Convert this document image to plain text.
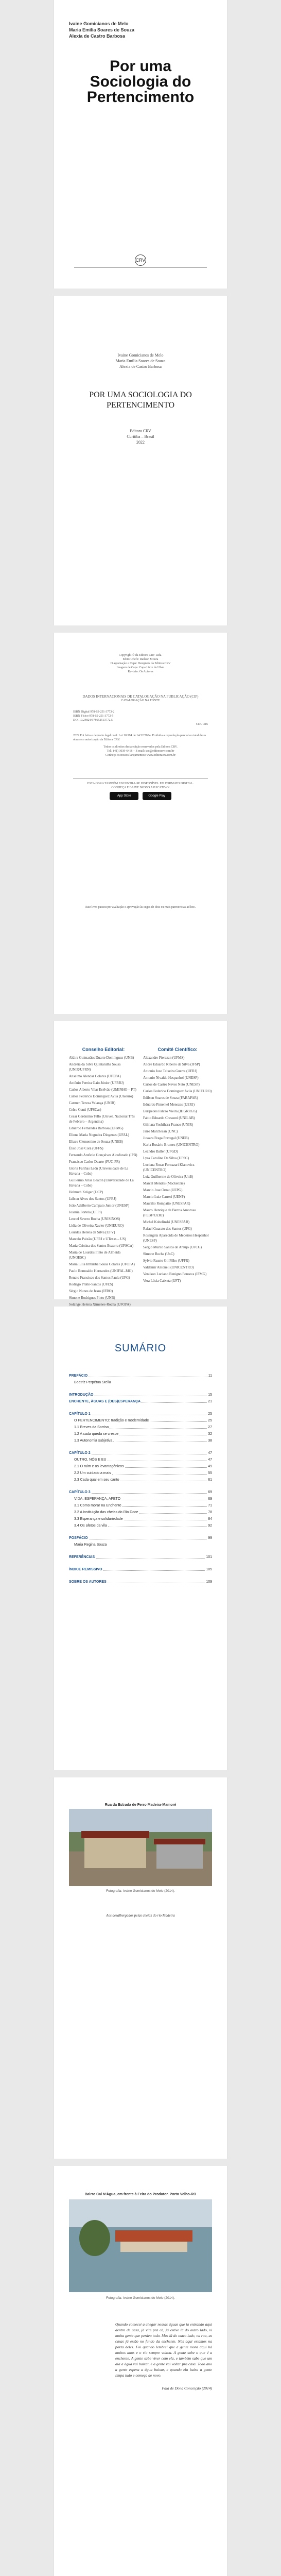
Ivaine Gomicianos de Melo
Maria Emilia Soares de Souza
Alexia de Castro Barbosa
Por uma Sociologia do Pertencimento
CRV
Ivaine Gomicianos de Melo
Maria Emilia Soares de Souza
Alexia de Castro Barbosa
POR UMA SOCIOLOGIA DO PERTENCIMENTO
Editora CRV
Curitiba – Brasil
2022
Copyright © da Editora CRV Ltda.
Editor-chefe: Railson Moura
Diagramação e Capa: Designers da Editora CRV
Imagem de Capa: Capa Livre da Ufsm
Revisão: Os Autores
DADOS INTERNACIONAIS DE CATALOGAÇÃO NA PUBLICAÇÃO (CIP)
CATALOGAÇÃO NA FONTE
ISBN Digital 978-65-251-3773-2
ISBN Físico 978-65-251-3772-5
DOI 10.24824/978652513772.5
CDU 316
2022 Foi feito o depósito legal conf. Lei 10.994 de 14/12/2004. Proibida a reprodução parcial ou total desta obra sem autorização da Editora CRV.
Todos os direitos desta edição reservados pela Editora CRV.
Tel.: (41) 3039-6418 – E-mail: sac@editoracrv.com.br
Conheça os nossos lançamentos: www.editoracrv.com.br
ESTA OBRA TAMBÉM ENCONTRA-SE DISPONÍVEL EM FORMATO DIGITAL.
CONHEÇA E BAIXE NOSSO APLICATIVO!
App Store	Google Play
Este livro passou por avaliação e aprovação às cegas de dois ou mais pareceristas ad hoc.
Conselho Editorial:

Aldira Guimarães Duarte Domínguez (UNB)

Andréia da Silva Quintanilha Sousa (UNIR/UFRN)

Anselmo Alencar Colares (UFOPA)

Antônio Pereira Gaio Júnior (UFRRJ)

Carlos Alberto Vilar Estêvão (UMINHO – PT)

Carlos Federico Dominguez Avila (Unieuro)

Carmen Tereza Velanga (UNIR)

Celso Conti (UFSCar)

Cesar Gerónimo Tello (Univer. Nacional Três de Febrero – Argentina)

Eduardo Fernandes Barbosa (UFMG)

Elione Maria Nogueira Diogenes (UFAL)

Elizeu Clementino de Souza (UNEB)

Élsio José Corá (UFFS)

Fernando Antônio Gonçalves Alcoforado (IPB)

Francisco Carlos Duarte (PUC-PR)

Gloria Fariñas León (Universidade de La Havana – Cuba)

Guillermo Arias Beatón (Universidade de La Havana – Cuba)

Helmuth Krüger (UCP)

Jailson Alves dos Santos (UFRJ)

João Adalberto Campato Junior (UNESP)

Josania Portela (UFPI)

Leonel Severo Rocha (UNISINOS)

Lídia de Oliveira Xavier (UNIEURO)

Lourdes Helena da Silva (UFV)

Marcelo Paixão (UFRJ e UTexas – US)

Maria Cristina dos Santos Bezerra (UFSCar)

Maria de Lourdes Pinto de Almeida (UNOESC)

Maria Lília Imbiriba Sousa Colares (UFOPA)

Paulo Romualdo Hernandes (UNIFAL-MG)

Renato Francisco dos Santos Paula (UFG)

Rodrigo Pratte-Santos (UFES)

Sérgio Nunes de Jesus (IFRO)

Simone Rodrigues Pinto (UNB)

Solange Helena Ximenes-Rocha (UFOPA)

Comitê Científico:

Alexandre Pierezan (UFMS)

Andre Eduardo Ribeiro da Silva (IFSP)

Antonio Jose Teixeira Guerra (UFRJ)

Antonio Nivaldo Hespanhol (UNESP)

Carlos de Castro Neves Neto (UNESP)

Carlos Federico Dominguez Avila (UNIEURO)

Edilson Soares de Souza (FABAPAR)

Eduardo Pimentel Menezes (UERJ)

Euripedes Falcao Vieira (IHGRRGS)

Fabio Eduardo Cressoni (UNILAB)

Gilmara Yoshihara Franco (UNIR)

Jairo Marchesan (UNC)

Jussara Fraga Portugal (UNEB)

Karla Rosário Brumes (UNICENTRO)

Leandro Baller (UFGD)

Lysa Caroline Da Silva (UFSC)

Luciana Rosar Fornazari Klanovicz (UNICENTRO)

Luiz Guilherme de Oliveira (UnB)

Marcel Mendes (Mackenzie)

Marcio Jose Ornat (UEPG)

Marcio Luiz Carreri (UENP)

Maurilio Rompatto (UNESPAR)

Mauro Henrique de Barros Amoroso (FEBF/UERJ)

Michel Kobelinski (UNESPAR)

Rafael Guarato dos Santos (UFG)

Rosangela Aparecida de Medeiros Hespanhol (UNESP)

Sergio Murilo Santos de Araújo (UFCG)

Simone Rocha (UnC)

Sylvio Fausto Gil Filho (UFPR)

Valdemir Antoneli (UNICENTRO)

Venilson Luciano Benigno Fonseca (IFMG)

Vera Lúcia Caixeta (UFT)

SUMÁRIO
PREFÁCIO	11
Beatriz Perpétua Stella
INTRODUÇÃO	15
ENCHENTE, ÁGUAS E (DES)ESPERANÇA	21
CAPÍTULO 1	25
O PERTENCIMENTO: tradição e modernidade	25
1.1 Breves da Sorriso	27
1.2 A cada queda se cresce	32
1.3 Autonomia subjetiva	38
CAPÍTULO 2	47
OUTRO, NÓS E EU	47
2.1 O ruim e os levantagênicos	49
2.2 Um cuidado a mais	55
2.3 Cada qual em seu canto	61
CAPÍTULO 3	69
VIDA, ESPERANÇA, AFETO	69
3.1 Como morar na Enchente	71
3.2 A instituição das cheias do Rio Doce	78
3.3 Esperança e solidariedade	84
3.4 Os afetos da vila	92
POSFÁCIO	99
Maria Regina Souza
REFERÊNCIAS	101
ÍNDICE REMISSIVO	105
SOBRE OS AUTORES	109
Rua da Estrada de Ferro Madeira-Mamoré
Fotografia: Ivaine Gomicianos de Melo (2014).
Aos desalbergados pelas cheias do rio Madeira
Bairro Cai N'Água, em frente à Feira do Produtor. Porto Velho-RO
Fotografia: Ivaine Gomicianos de Melo (2014).
Quando comecei a chegar nessas águas que ia entrando aqui dentro de casa, já vim pra cá, já estive lá do outro lado, vi muita gente que perdeu tudo. Mas lá do outro lado, na rua, as casas já estão no fundo da enchente. Nós aqui estamos na porta deles. Foi quando lembrei que a gente mora aqui há muitos anos e o rio sempre voltou. A gente sabe o que é a enchente. A gente sabe viver com ela, e também sabe que um dia a água vai baixar, e a gente vai voltar pra casa. Todo ano a gente espera a água baixar, e quando ela baixa a gente limpa tudo e começa de novo.
Fala de Dona Conceição (2014)
